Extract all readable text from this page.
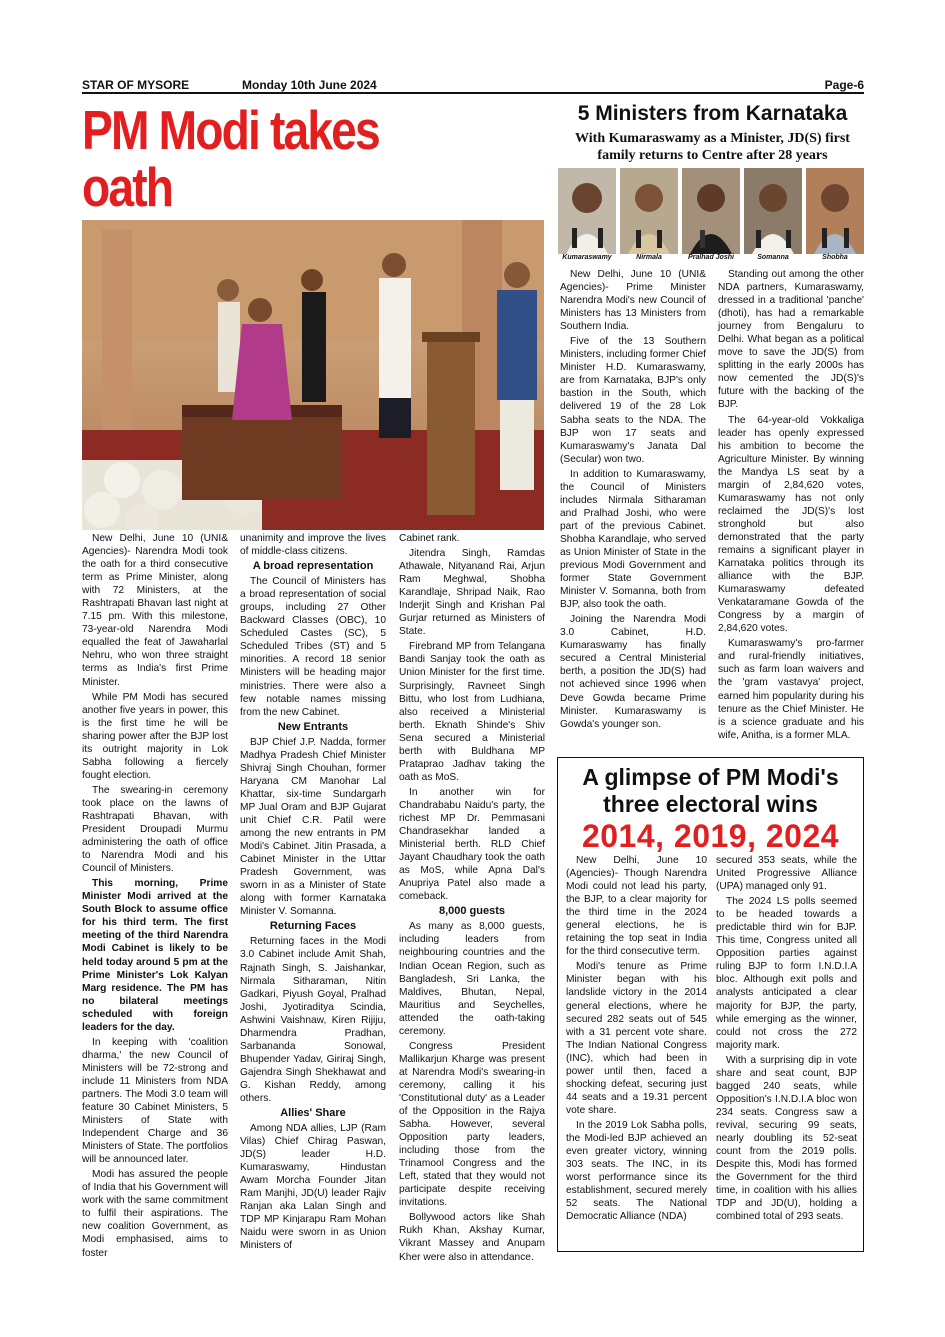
STAR OF MYSORE	Monday 10th June 2024	Page-6
PM Modi takes oath

New Delhi, June 10 (UNI& Agencies)- Narendra Modi took the oath for a third consecutive term as Prime Minister, along with 72 Ministers, at the Rashtrapati Bhavan last night at 7.15 pm. With this milestone, 73-year-old Narendra Modi equalled the feat of Jawaharlal Nehru, who won three straight terms as India's first Prime Minister.

While PM Modi has secured another five years in power, this is the first time he will be sharing power after the BJP lost its outright majority in Lok Sabha following a fiercely fought election.

The swearing-in ceremony took place on the lawns of Rashtrapati Bhavan, with President Droupadi Murmu administering the oath of office to Narendra Modi and his Council of Ministers.

This morning, Prime Minister Modi arrived at the South Block to assume office for his third term. The first meeting of the third Narendra Modi Cabinet is likely to be held today around 5 pm at the Prime Minister's Lok Kalyan Marg residence. The PM has no bilateral meetings scheduled with foreign leaders for the day.

In keeping with 'coalition dharma,' the new Council of Ministers will be 72-strong and include 11 Ministers from NDA partners. The Modi 3.0 team will feature 30 Cabinet Ministers, 5 Ministers of State with Independent Charge and 36 Ministers of State. The portfolios will be announced later.

Modi has assured the people of India that his Government will work with the same commitment to fulfil their aspirations. The new coalition Government, as Modi emphasised, aims to foster

unanimity and improve the lives of middle-class citizens.

A broad representation

The Council of Ministers has a broad representation of social groups, including 27 Other Backward Classes (OBC), 10 Scheduled Castes (SC), 5 Scheduled Tribes (ST) and 5 minorities. A record 18 senior Ministers will be heading major ministries. There were also a few notable names missing from the new Cabinet.

New Entrants

BJP Chief J.P. Nadda, former Madhya Pradesh Chief Minister Shivraj Singh Chouhan, former Haryana CM Manohar Lal Khattar, six-time Sundargarh MP Jual Oram and BJP Gujarat unit Chief C.R. Patil were among the new entrants in PM Modi's Cabinet. Jitin Prasada, a Cabinet Minister in the Uttar Pradesh Government, was sworn in as a Minister of State along with former Karnataka Minister V. Somanna.

Returning Faces

Returning faces in the Modi 3.0 Cabinet include Amit Shah, Rajnath Singh, S. Jaishankar, Nirmala Sitharaman, Nitin Gadkari, Piyush Goyal, Pralhad Joshi, Jyotiraditya Scindia, Ashwini Vaishnaw, Kiren Rijiju, Dharmendra Pradhan, Sarbananda Sonowal, Bhupender Yadav, Giriraj Singh, Gajendra Singh Shekhawat and G. Kishan Reddy, among others.

Allies' Share

Among NDA allies, LJP (Ram Vilas) Chief Chirag Paswan, JD(S) leader H.D. Kumaraswamy, Hindustan Awam Morcha Founder Jitan Ram Manjhi, JD(U) leader Rajiv Ranjan aka Lalan Singh and TDP MP Kinjarapu Ram Mohan Naidu were sworn in as Union Ministers of

Cabinet rank.

Jitendra Singh, Ramdas Athawale, Nityanand Rai, Arjun Ram Meghwal, Shobha Karandlaje, Shripad Naik, Rao Inderjit Singh and Krishan Pal Gurjar returned as Ministers of State.

Firebrand MP from Telangana Bandi Sanjay took the oath as Union Minister for the first time. Surprisingly, Ravneet Singh Bittu, who lost from Ludhiana, also received a Ministerial berth. Eknath Shinde's Shiv Sena secured a Ministerial berth with Buldhana MP Prataprao Jadhav taking the oath as MoS.

In another win for Chandrababu Naidu's party, the richest MP Dr. Pemmasani Chandrasekhar landed a Ministerial berth. RLD Chief Jayant Chaudhary took the oath as MoS, while Apna Dal's Anupriya Patel also made a comeback.

8,000 guests

As many as 8,000 guests, including leaders from neighbouring countries and the Indian Ocean Region, such as Bangladesh, Sri Lanka, the Maldives, Bhutan, Nepal, Mauritius and Seychelles, attended the oath-taking ceremony.

Congress President Mallikarjun Kharge was present at Narendra Modi's swearing-in ceremony, calling it his 'Constitutional duty' as a Leader of the Opposition in the Rajya Sabha. However, several Opposition party leaders, including those from the Trinamool Congress and the Left, stated that they would not participate despite receiving invitations.

Bollywood actors like Shah Rukh Khan, Akshay Kumar, Vikrant Massey and Anupam Kher were also in attendance.

5 Ministers from Karnataka
With Kumaraswamy as a Minister, JD(S) first family returns to Centre after 28 years
Kumaraswamy	Nirmala	Pralhad Joshi	Somanna	Shobha

New Delhi, June 10 (UNI& Agencies)- Prime Minister Narendra Modi's new Council of Ministers has 13 Ministers from Southern India.

Five of the 13 Southern Ministers, including former Chief Minister H.D. Kumaraswamy, are from Karnataka, BJP's only bastion in the South, which delivered 19 of the 28 Lok Sabha seats to the NDA. The BJP won 17 seats and Kumaraswamy's Janata Dal (Secular) won two.

In addition to Kumaraswamy, the Council of Ministers includes Nirmala Sitharaman and Pralhad Joshi, who were part of the previous Cabinet. Shobha Karandlaje, who served as Union Minister of State in the previous Modi Government and former State Government Minister V. Somanna, both from BJP, also took the oath.

Joining the Narendra Modi 3.0 Cabinet, H.D. Kumaraswamy has finally secured a Central Ministerial berth, a position the JD(S) had not achieved since 1996 when Deve Gowda became Prime Minister. Kumaraswamy is Gowda's younger son.

Standing out among the other NDA partners, Kumaraswamy, dressed in a traditional 'panche' (dhoti), has had a remarkable journey from Bengaluru to Delhi. What began as a political move to save the JD(S) from splitting in the early 2000s has now cemented the JD(S)'s future with the backing of the BJP.

The 64-year-old Vokkaliga leader has openly expressed his ambition to become the Agriculture Minister. By winning the Mandya LS seat by a margin of 2,84,620 votes, Kumaraswamy has not only reclaimed the JD(S)'s lost stronghold but also demonstrated that the party remains a significant player in Karnataka politics through its alliance with the BJP. Kumaraswamy defeated Venkataramane Gowda of the Congress by a margin of 2,84,620 votes.

Kumaraswamy's pro-farmer and rural-friendly initiatives, such as farm loan waivers and the 'gram vastavya' project, earned him popularity during his tenure as the Chief Minister. He is a science graduate and his wife, Anitha, is a former MLA.

A glimpse of PM Modi's
three electoral wins
2014, 2019, 2024

New Delhi, June 10 (Agencies)- Though Narendra Modi could not lead his party, the BJP, to a clear majority for the third time in the 2024 general elections, he is retaining the top seat in India for the third consecutive term.

Modi's tenure as Prime Minister began with his landslide victory in the 2014 general elections, where he secured 282 seats out of 545 with a 31 percent vote share. The Indian National Congress (INC), which had been in power until then, faced a shocking defeat, securing just 44 seats and a 19.31 percent vote share.

In the 2019 Lok Sabha polls, the Modi-led BJP achieved an even greater victory, winning 303 seats. The INC, in its worst performance since its establishment, secured merely 52 seats. The National Democratic Alliance (NDA)

secured 353 seats, while the United Progressive Alliance (UPA) managed only 91.

The 2024 LS polls seemed to be headed towards a predictable third win for BJP. This time, Congress united all Opposition parties against ruling BJP to form I.N.D.I.A bloc. Although exit polls and analysts anticipated a clear majority for BJP, the party, while emerging as the winner, could not cross the 272 majority mark.

With a surprising dip in vote share and seat count, BJP bagged 240 seats, while Opposition's I.N.D.I.A bloc won 234 seats. Congress saw a revival, securing 99 seats, nearly doubling its 52-seat count from the 2019 polls. Despite this, Modi has formed the Government for the third time, in coalition with his allies TDP and JD(U), holding a combined total of 293 seats.
